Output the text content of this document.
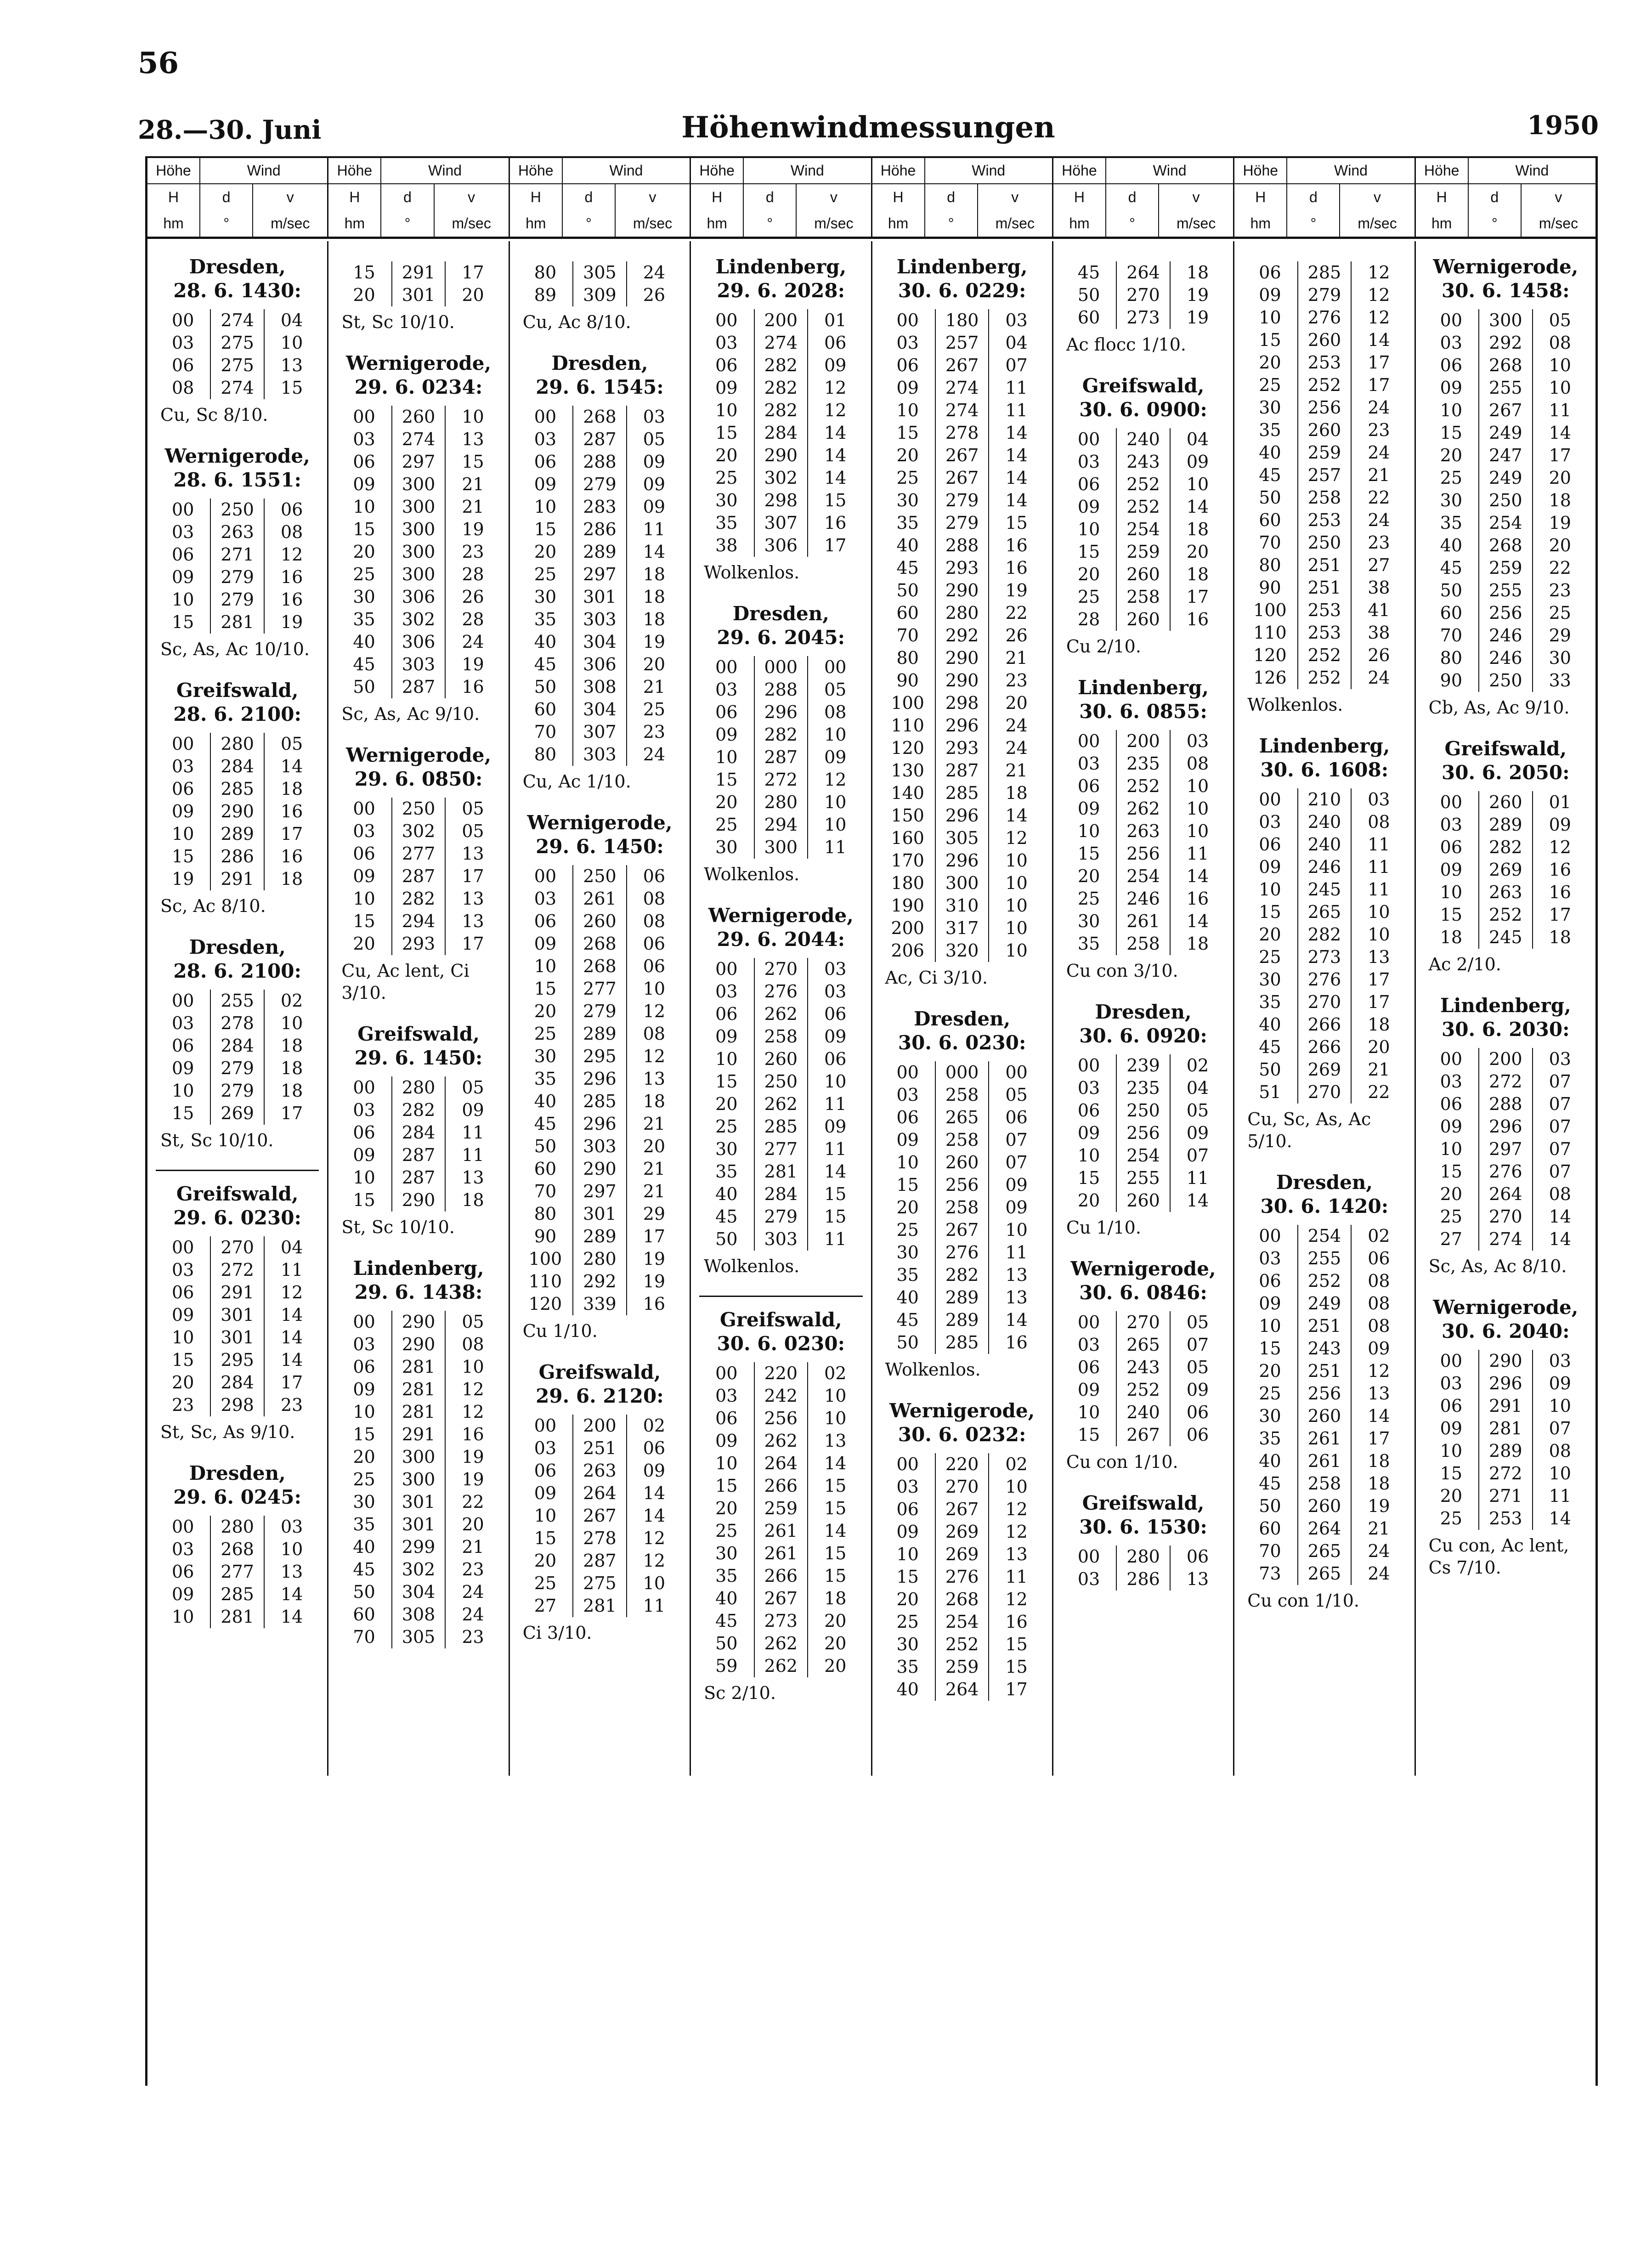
56
28.—30. Juni	Höhenwindmessungen	1950
Höhe	Wind
H	d	v
hm	°	m/sec
Höhe	Wind
H	d	v
hm	°	m/sec
Höhe	Wind
H	d	v
hm	°	m/sec
Höhe	Wind
H	d	v
hm	°	m/sec
Höhe	Wind
H	d	v
hm	°	m/sec
Höhe	Wind
H	d	v
hm	°	m/sec
Höhe	Wind
H	d	v
hm	°	m/sec
Höhe	Wind
H	d	v
hm	°	m/sec
Dresden,
28. 6. 1430:
00	274	04
03	275	10
06	275	13
08	274	15
Cu, Sc 8/10.
Wernigerode,
28. 6. 1551:
00	250	06
03	263	08
06	271	12
09	279	16
10	279	16
15	281	19
Sc, As, Ac 10/10.
Greifswald,
28. 6. 2100:
00	280	05
03	284	14
06	285	18
09	290	16
10	289	17
15	286	16
19	291	18
Sc, Ac 8/10.
Dresden,
28. 6. 2100:
00	255	02
03	278	10
06	284	18
09	279	18
10	279	18
15	269	17
St, Sc 10/10.
Greifswald,
29. 6. 0230:
00	270	04
03	272	11
06	291	12
09	301	14
10	301	14
15	295	14
20	284	17
23	298	23
St, Sc, As 9/10.
Dresden,
29. 6. 0245:
00	280	03
03	268	10
06	277	13
09	285	14
10	281	14
15	291	17
20	301	20
St, Sc 10/10.
Wernigerode,
29. 6. 0234:
00	260	10
03	274	13
06	297	15
09	300	21
10	300	21
15	300	19
20	300	23
25	300	28
30	306	26
35	302	28
40	306	24
45	303	19
50	287	16
Sc, As, Ac 9/10.
Wernigerode,
29. 6. 0850:
00	250	05
03	302	05
06	277	13
09	287	17
10	282	13
15	294	13
20	293	17
Cu, Ac lent, Ci 3/10.
Greifswald,
29. 6. 1450:
00	280	05
03	282	09
06	284	11
09	287	11
10	287	13
15	290	18
St, Sc 10/10.
Lindenberg,
29. 6. 1438:
00	290	05
03	290	08
06	281	10
09	281	12
10	281	12
15	291	16
20	300	19
25	300	19
30	301	22
35	301	20
40	299	21
45	302	23
50	304	24
60	308	24
70	305	23
80	305	24
89	309	26
Cu, Ac 8/10.
Dresden,
29. 6. 1545:
00	268	03
03	287	05
06	288	09
09	279	09
10	283	09
15	286	11
20	289	14
25	297	18
30	301	18
35	303	18
40	304	19
45	306	20
50	308	21
60	304	25
70	307	23
80	303	24
Cu, Ac 1/10.
Wernigerode,
29. 6. 1450:
00	250	06
03	261	08
06	260	08
09	268	06
10	268	06
15	277	10
20	279	12
25	289	08
30	295	12
35	296	13
40	285	18
45	296	21
50	303	20
60	290	21
70	297	21
80	301	29
90	289	17
100	280	19
110	292	19
120	339	16
Cu 1/10.
Greifswald,
29. 6. 2120:
00	200	02
03	251	06
06	263	09
09	264	14
10	267	14
15	278	12
20	287	12
25	275	10
27	281	11
Ci 3/10.
Lindenberg,
29. 6. 2028:
00	200	01
03	274	06
06	282	09
09	282	12
10	282	12
15	284	14
20	290	14
25	302	14
30	298	15
35	307	16
38	306	17
Wolkenlos.
Dresden,
29. 6. 2045:
00	000	00
03	288	05
06	296	08
09	282	10
10	287	09
15	272	12
20	280	10
25	294	10
30	300	11
Wolkenlos.
Wernigerode,
29. 6. 2044:
00	270	03
03	276	03
06	262	06
09	258	09
10	260	06
15	250	10
20	262	11
25	285	09
30	277	11
35	281	14
40	284	15
45	279	15
50	303	11
Wolkenlos.
Greifswald,
30. 6. 0230:
00	220	02
03	242	10
06	256	10
09	262	13
10	264	14
15	266	15
20	259	15
25	261	14
30	261	15
35	266	15
40	267	18
45	273	20
50	262	20
59	262	20
Sc 2/10.
Lindenberg,
30. 6. 0229:
00	180	03
03	257	04
06	267	07
09	274	11
10	274	11
15	278	14
20	267	14
25	267	14
30	279	14
35	279	15
40	288	16
45	293	16
50	290	19
60	280	22
70	292	26
80	290	21
90	290	23
100	298	20
110	296	24
120	293	24
130	287	21
140	285	18
150	296	14
160	305	12
170	296	10
180	300	10
190	310	10
200	317	10
206	320	10
Ac, Ci 3/10.
Dresden,
30. 6. 0230:
00	000	00
03	258	05
06	265	06
09	258	07
10	260	07
15	256	09
20	258	09
25	267	10
30	276	11
35	282	13
40	289	13
45	289	14
50	285	16
Wolkenlos.
Wernigerode,
30. 6. 0232:
00	220	02
03	270	10
06	267	12
09	269	12
10	269	13
15	276	11
20	268	12
25	254	16
30	252	15
35	259	15
40	264	17
45	264	18
50	270	19
60	273	19
Ac flocc 1/10.
Greifswald,
30. 6. 0900:
00	240	04
03	243	09
06	252	10
09	252	14
10	254	18
15	259	20
20	260	18
25	258	17
28	260	16
Cu 2/10.
Lindenberg,
30. 6. 0855:
00	200	03
03	235	08
06	252	10
09	262	10
10	263	10
15	256	11
20	254	14
25	246	16
30	261	14
35	258	18
Cu con 3/10.
Dresden,
30. 6. 0920:
00	239	02
03	235	04
06	250	05
09	256	09
10	254	07
15	255	11
20	260	14
Cu 1/10.
Wernigerode,
30. 6. 0846:
00	270	05
03	265	07
06	243	05
09	252	09
10	240	06
15	267	06
Cu con 1/10.
Greifswald,
30. 6. 1530:
00	280	06
03	286	13
06	285	12
09	279	12
10	276	12
15	260	14
20	253	17
25	252	17
30	256	24
35	260	23
40	259	24
45	257	21
50	258	22
60	253	24
70	250	23
80	251	27
90	251	38
100	253	41
110	253	38
120	252	26
126	252	24
Wolkenlos.
Lindenberg,
30. 6. 1608:
00	210	03
03	240	08
06	240	11
09	246	11
10	245	11
15	265	10
20	282	10
25	273	13
30	276	17
35	270	17
40	266	18
45	266	20
50	269	21
51	270	22
Cu, Sc, As, Ac 5/10.
Dresden,
30. 6. 1420:
00	254	02
03	255	06
06	252	08
09	249	08
10	251	08
15	243	09
20	251	12
25	256	13
30	260	14
35	261	17
40	261	18
45	258	18
50	260	19
60	264	21
70	265	24
73	265	24
Cu con 1/10.
Wernigerode,
30. 6. 1458:
00	300	05
03	292	08
06	268	10
09	255	10
10	267	11
15	249	14
20	247	17
25	249	20
30	250	18
35	254	19
40	268	20
45	259	22
50	255	23
60	256	25
70	246	29
80	246	30
90	250	33
Cb, As, Ac 9/10.
Greifswald,
30. 6. 2050:
00	260	01
03	289	09
06	282	12
09	269	16
10	263	16
15	252	17
18	245	18
Ac 2/10.
Lindenberg,
30. 6. 2030:
00	200	03
03	272	07
06	288	07
09	296	07
10	297	07
15	276	07
20	264	08
25	270	14
27	274	14
Sc, As, Ac 8/10.
Wernigerode,
30. 6. 2040:
00	290	03
03	296	09
06	291	10
09	281	07
10	289	08
15	272	10
20	271	11
25	253	14
Cu con, Ac lent, Cs 7/10.
